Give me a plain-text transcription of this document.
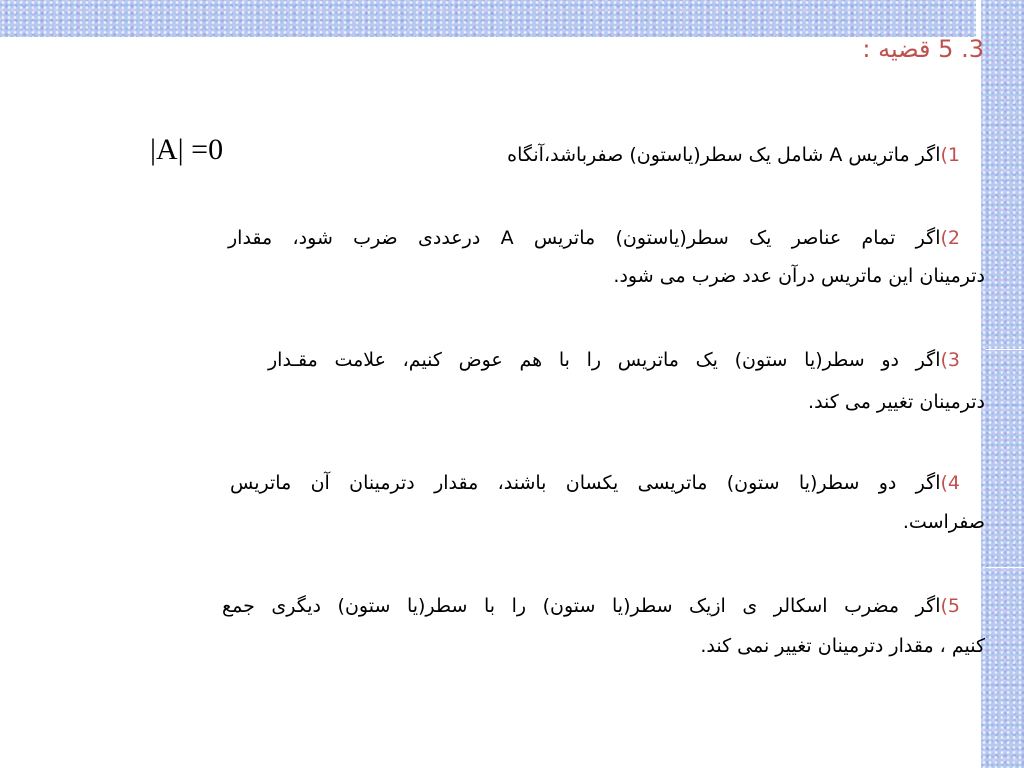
3. 5 قضیه :
|A| =0	1)اگر ماتریس A شامل یک سطر(یاستون) صفرباشد،آنگاه
2)اگر تمام عناصر یک سطر(یاستون) ماتریس A درعددی ضرب شود، مقدار
دترمینان این ماتریس درآن عدد ضرب می شود.
3)اگر دو سطر(یا ستون) یک ماتریس را با هم عوض کنیم، علامت مقـدار
دترمینان تغییر می کند.
4)اگر دو سطر(یا ستون) ماتریسی یکسان باشند، مقدار دترمینان آن ماتریس
صفراست.
5)اگر مضرب اسکالر ی ازیک سطر(یا ستون) را با سطر(یا ستون) دیگری جمع
کنیم ، مقدار دترمینان تغییر نمی کند.
